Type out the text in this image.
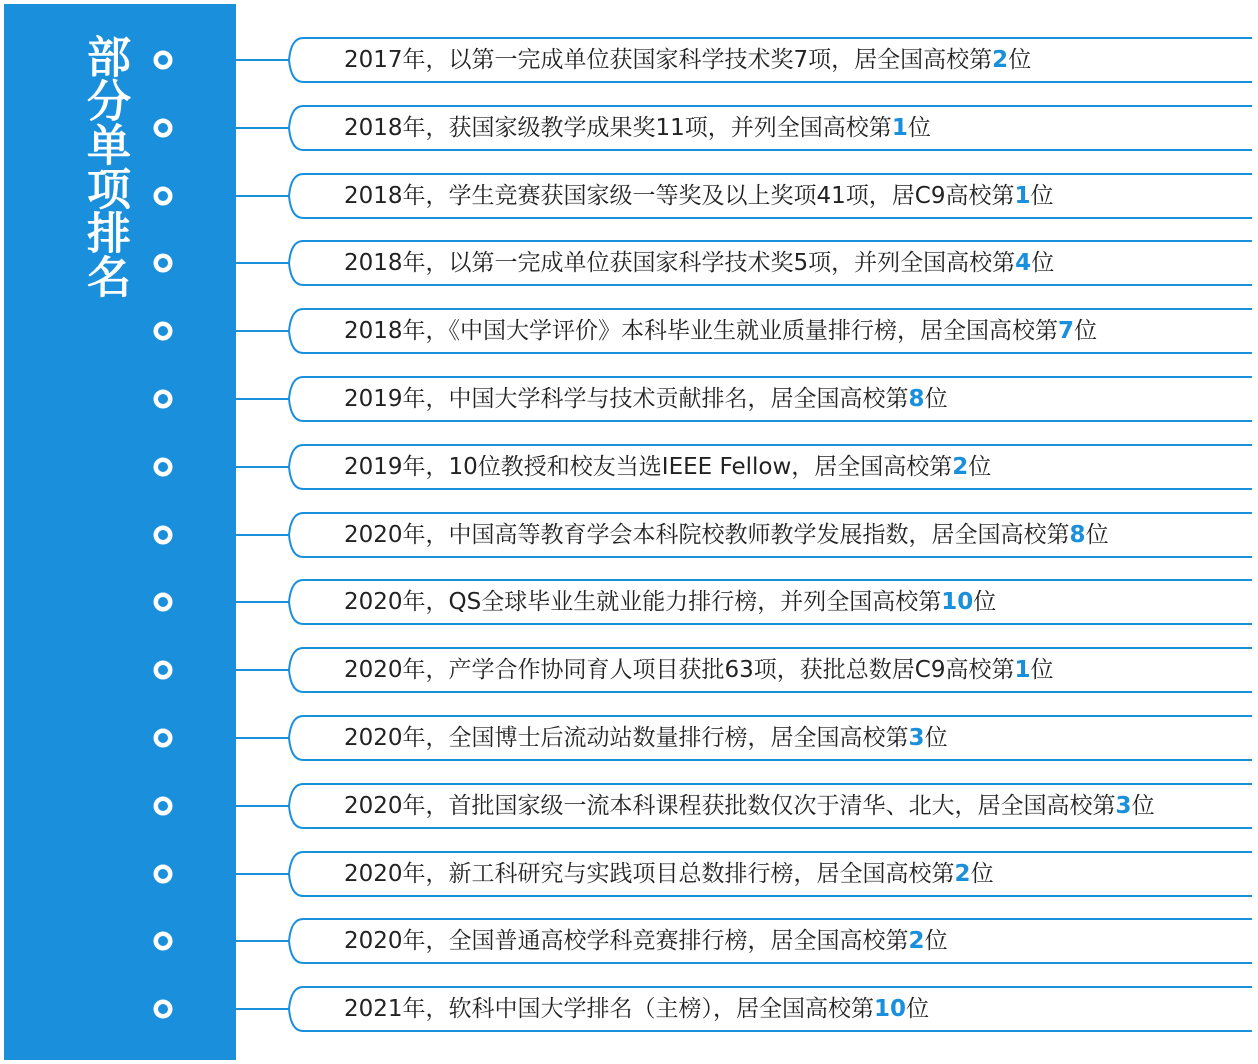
部分单项排名	2017年，以第一完成单位获国家科学技术奖7项，居全国高校第2位
2018年，获国家级教学成果奖11项，并列全国高校第1位
2018年，学生竞赛获国家级一等奖及以上奖项41项，居C9高校第1位
2018年，以第一完成单位获国家科学技术奖5项，并列全国高校第4位
2018年，《中国大学评价》本科毕业生就业质量排行榜，居全国高校第7位
2019年，中国大学科学与技术贡献排名，居全国高校第8位
2019年，10位教授和校友当选IEEE Fellow，居全国高校第2位
2020年，中国高等教育学会本科院校教师教学发展指数，居全国高校第8位
2020年，QS全球毕业生就业能力排行榜，并列全国高校第10位
2020年，产学合作协同育人项目获批63项，获批总数居C9高校第1位
2020年，全国博士后流动站数量排行榜，居全国高校第3位
2020年，首批国家级一流本科课程获批数仅次于清华、北大，居全国高校第3位
2020年，新工科研究与实践项目总数排行榜，居全国高校第2位
2020年，全国普通高校学科竞赛排行榜，居全国高校第2位
2021年，软科中国大学排名（主榜），居全国高校第10位
